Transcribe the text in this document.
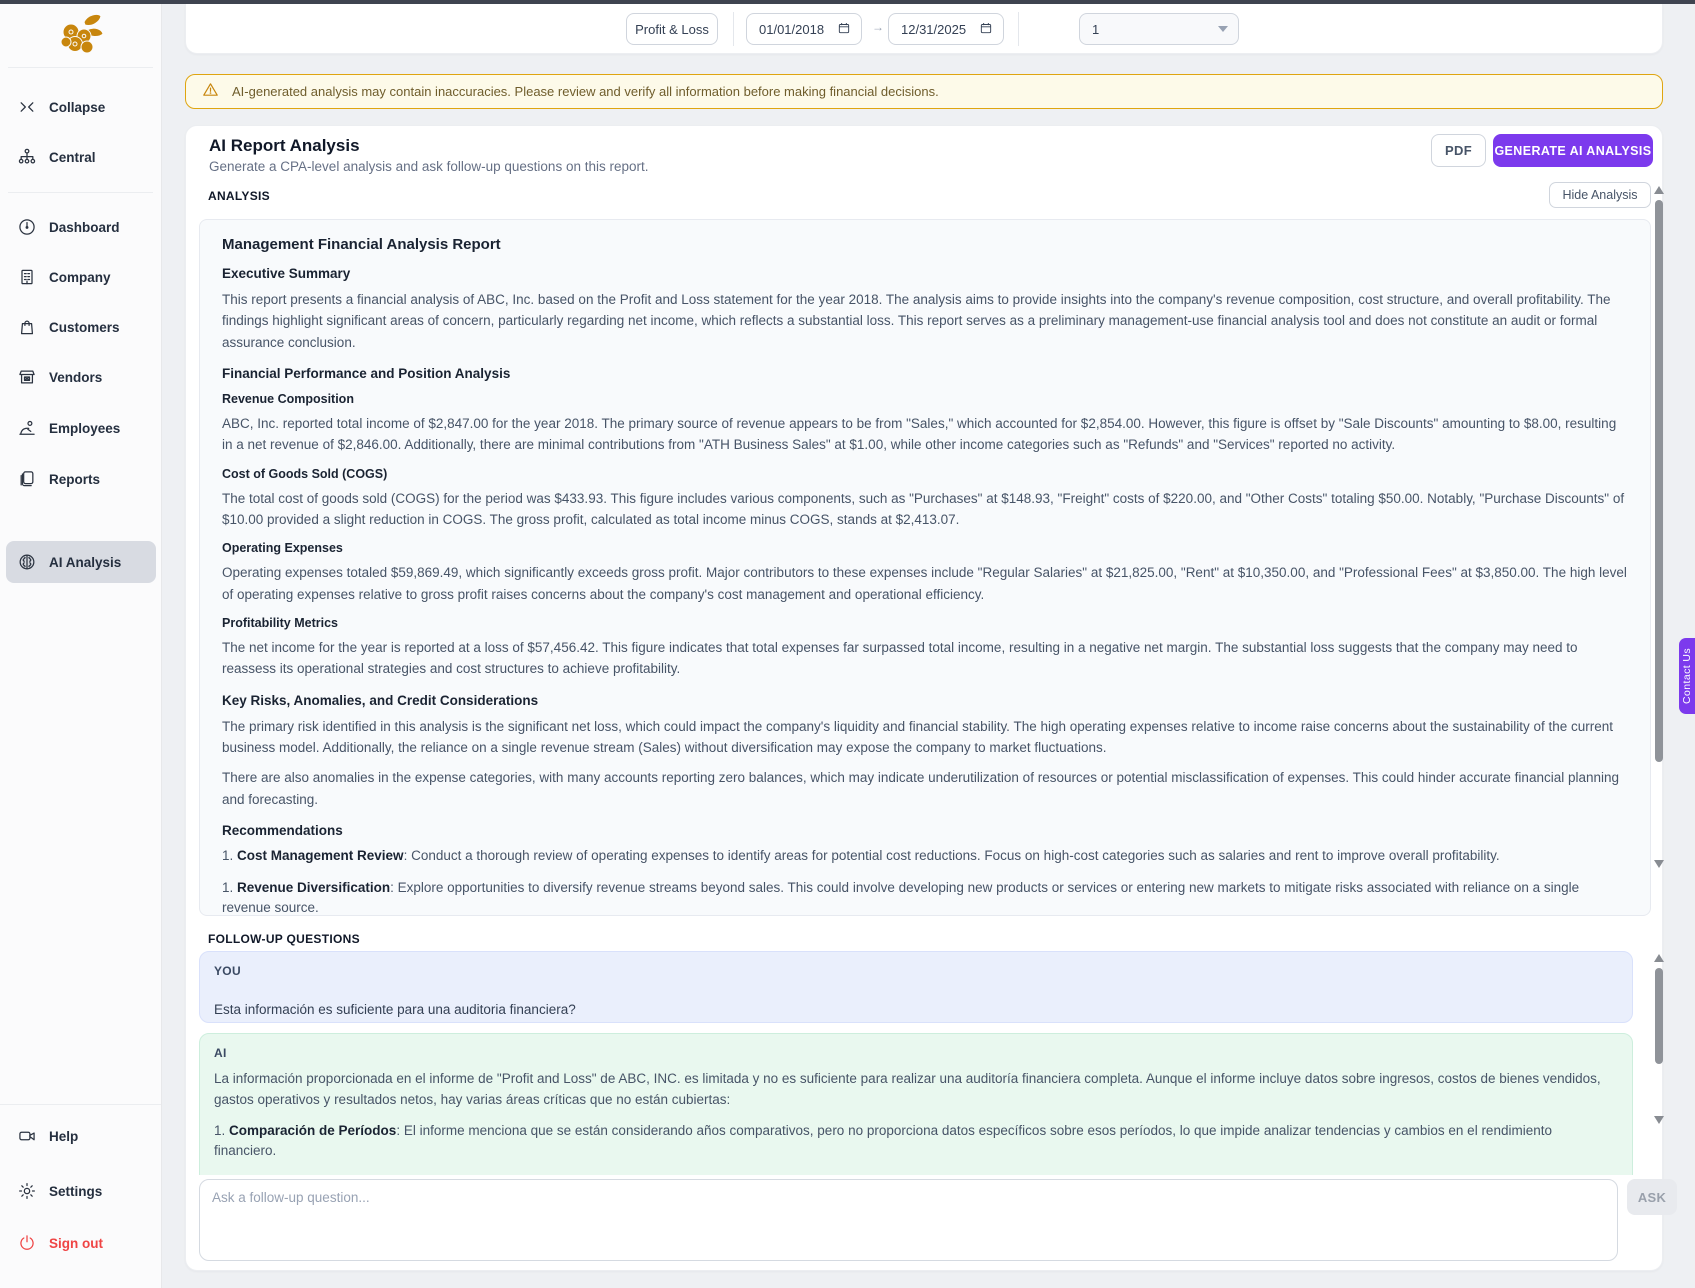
Collapse
Central
Dashboard
Company
Customers
Vendors
Employees
Reports
AI Analysis
Help
Settings
Sign out
Profit & Loss	01/01/2018	→ 12/31/2025	1
AI-generated analysis may contain inaccuracies. Please review and verify all information before making financial decisions.
AI Report Analysis
Generate a CPA-level analysis and ask follow-up questions on this report.
PDF	GENERATE AI ANALYSIS
ANALYSIS	Hide Analysis
Management Financial Analysis Report
Executive Summary
This report presents a financial analysis of ABC, Inc. based on the Profit and Loss statement for the year 2018. The analysis aims to provide insights into the company's revenue composition, cost structure, and overall profitability. The findings highlight significant areas of concern, particularly regarding net income, which reflects a substantial loss. This report serves as a preliminary management-use financial analysis tool and does not constitute an audit or formal assurance conclusion.
Financial Performance and Position Analysis
Revenue Composition
ABC, Inc. reported total income of $2,847.00 for the year 2018. The primary source of revenue appears to be from "Sales," which accounted for $2,854.00. However, this figure is offset by "Sale Discounts" amounting to $8.00, resulting in a net revenue of $2,846.00. Additionally, there are minimal contributions from "ATH Business Sales" at $1.00, while other income categories such as "Refunds" and "Services" reported no activity.
Cost of Goods Sold (COGS)
The total cost of goods sold (COGS) for the period was $433.93. This figure includes various components, such as "Purchases" at $148.93, "Freight" costs of $220.00, and "Other Costs" totaling $50.00. Notably, "Purchase Discounts" of $10.00 provided a slight reduction in COGS. The gross profit, calculated as total income minus COGS, stands at $2,413.07.
Operating Expenses
Operating expenses totaled $59,869.49, which significantly exceeds gross profit. Major contributors to these expenses include "Regular Salaries" at $21,825.00, "Rent" at $10,350.00, and "Professional Fees" at $3,850.00. The high level of operating expenses relative to gross profit raises concerns about the company's cost management and operational efficiency.
Profitability Metrics
The net income for the year is reported at a loss of $57,456.42. This figure indicates that total expenses far surpassed total income, resulting in a negative net margin. The substantial loss suggests that the company may need to reassess its operational strategies and cost structures to achieve profitability.
Key Risks, Anomalies, and Credit Considerations
The primary risk identified in this analysis is the significant net loss, which could impact the company's liquidity and financial stability. The high operating expenses relative to income raise concerns about the sustainability of the current business model. Additionally, the reliance on a single revenue stream (Sales) without diversification may expose the company to market fluctuations.
There are also anomalies in the expense categories, with many accounts reporting zero balances, which may indicate underutilization of resources or potential misclassification of expenses. This could hinder accurate financial planning and forecasting.
Recommendations
1. Cost Management Review: Conduct a thorough review of operating expenses to identify areas for potential cost reductions. Focus on high-cost categories such as salaries and rent to improve overall profitability.
1. Revenue Diversification: Explore opportunities to diversify revenue streams beyond sales. This could involve developing new products or services or entering new markets to mitigate risks associated with reliance on a single revenue source.
FOLLOW-UP QUESTIONS
YOU
Esta información es suficiente para una auditoria financiera?
AI
La información proporcionada en el informe de "Profit and Loss" de ABC, INC. es limitada y no es suficiente para realizar una auditoría financiera completa. Aunque el informe incluye datos sobre ingresos, costos de bienes vendidos, gastos operativos y resultados netos, hay varias áreas críticas que no están cubiertas:
1. Comparación de Períodos: El informe menciona que se están considerando años comparativos, pero no proporciona datos específicos sobre esos períodos, lo que impide analizar tendencias y cambios en el rendimiento financiero.
Ask a follow-up question...
ASK
Contact Us
